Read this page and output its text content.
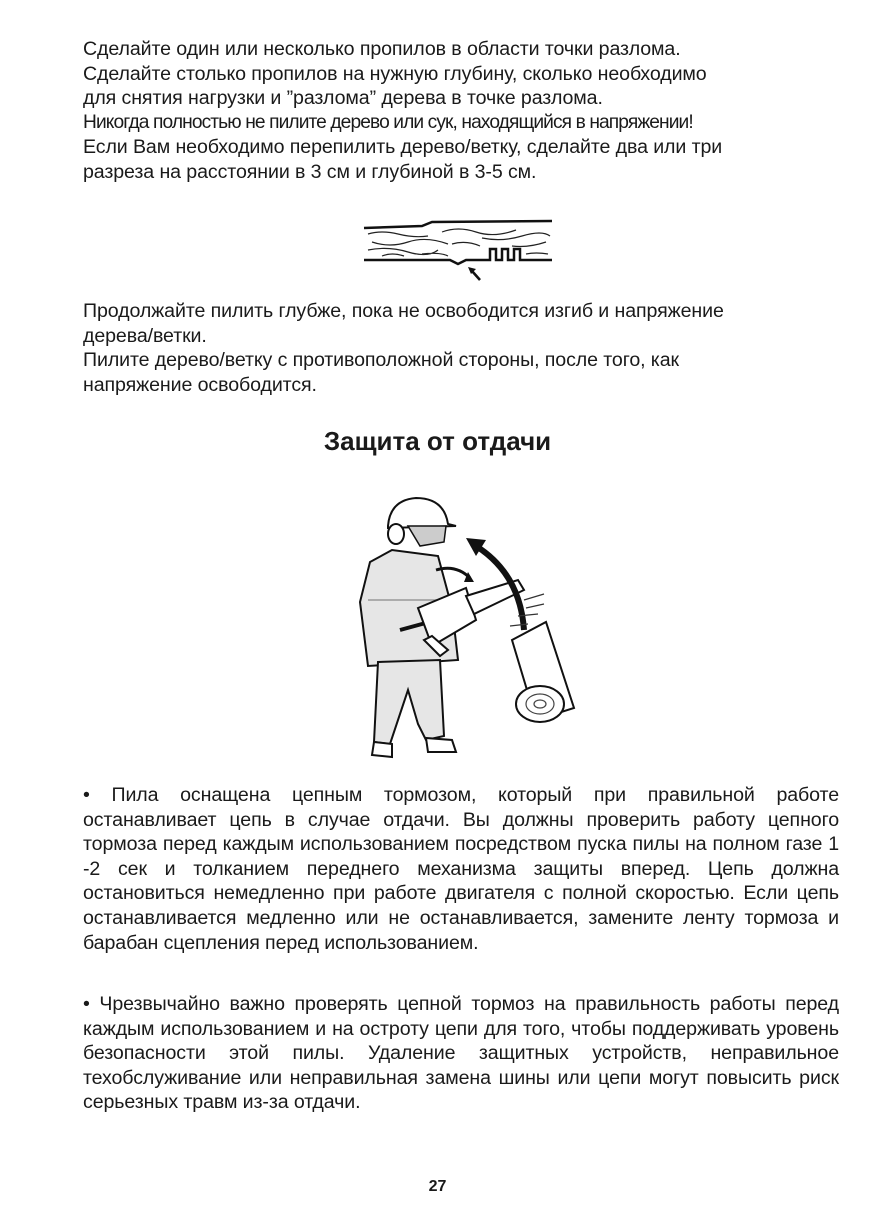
Сделайте один или несколько пропилов в области точки разлома.

Сделайте столько пропилов на нужную глубину, сколько необходимо

для снятия нагрузки и ”разлома” дерева в точке разлома.

Никогда полностью не пилите дерево или сук, находящийся в напряжении!

Если Вам необходимо перепилить дерево/ветку, сделайте два или три

разреза на расстоянии в 3 см и глубиной в 3-5 см.

Продолжайте пилить глубже, пока не освободится изгиб и напряжение

дерева/ветки.

Пилите дерево/ветку с противоположной стороны, после того, как

напряжение освободится.

Защита от отдачи

• Пила оснащена цепным тормозом, который при правильной работе останавливает цепь в случае отдачи. Вы должны проверить работу цепного тормоза перед каждым использованием посредством пуска пилы на полном газе 1 -2 сек и толканием переднего механизма защиты вперед. Цепь должна остановиться немедленно при работе двигателя с полной скоростью. Если цепь останавливается медленно или не останавливается, замените ленту тормоза и барабан сцепления перед использованием.

• Чрезвычайно важно проверять цепной тормоз на правильность работы перед каждым использованием и на остроту цепи для того, чтобы поддерживать уровень безопасности этой пилы. Удаление защитных устройств, неправильное техобслуживание или неправильная замена шины или цепи могут повысить риск серьезных травм из-за отдачи.

27
